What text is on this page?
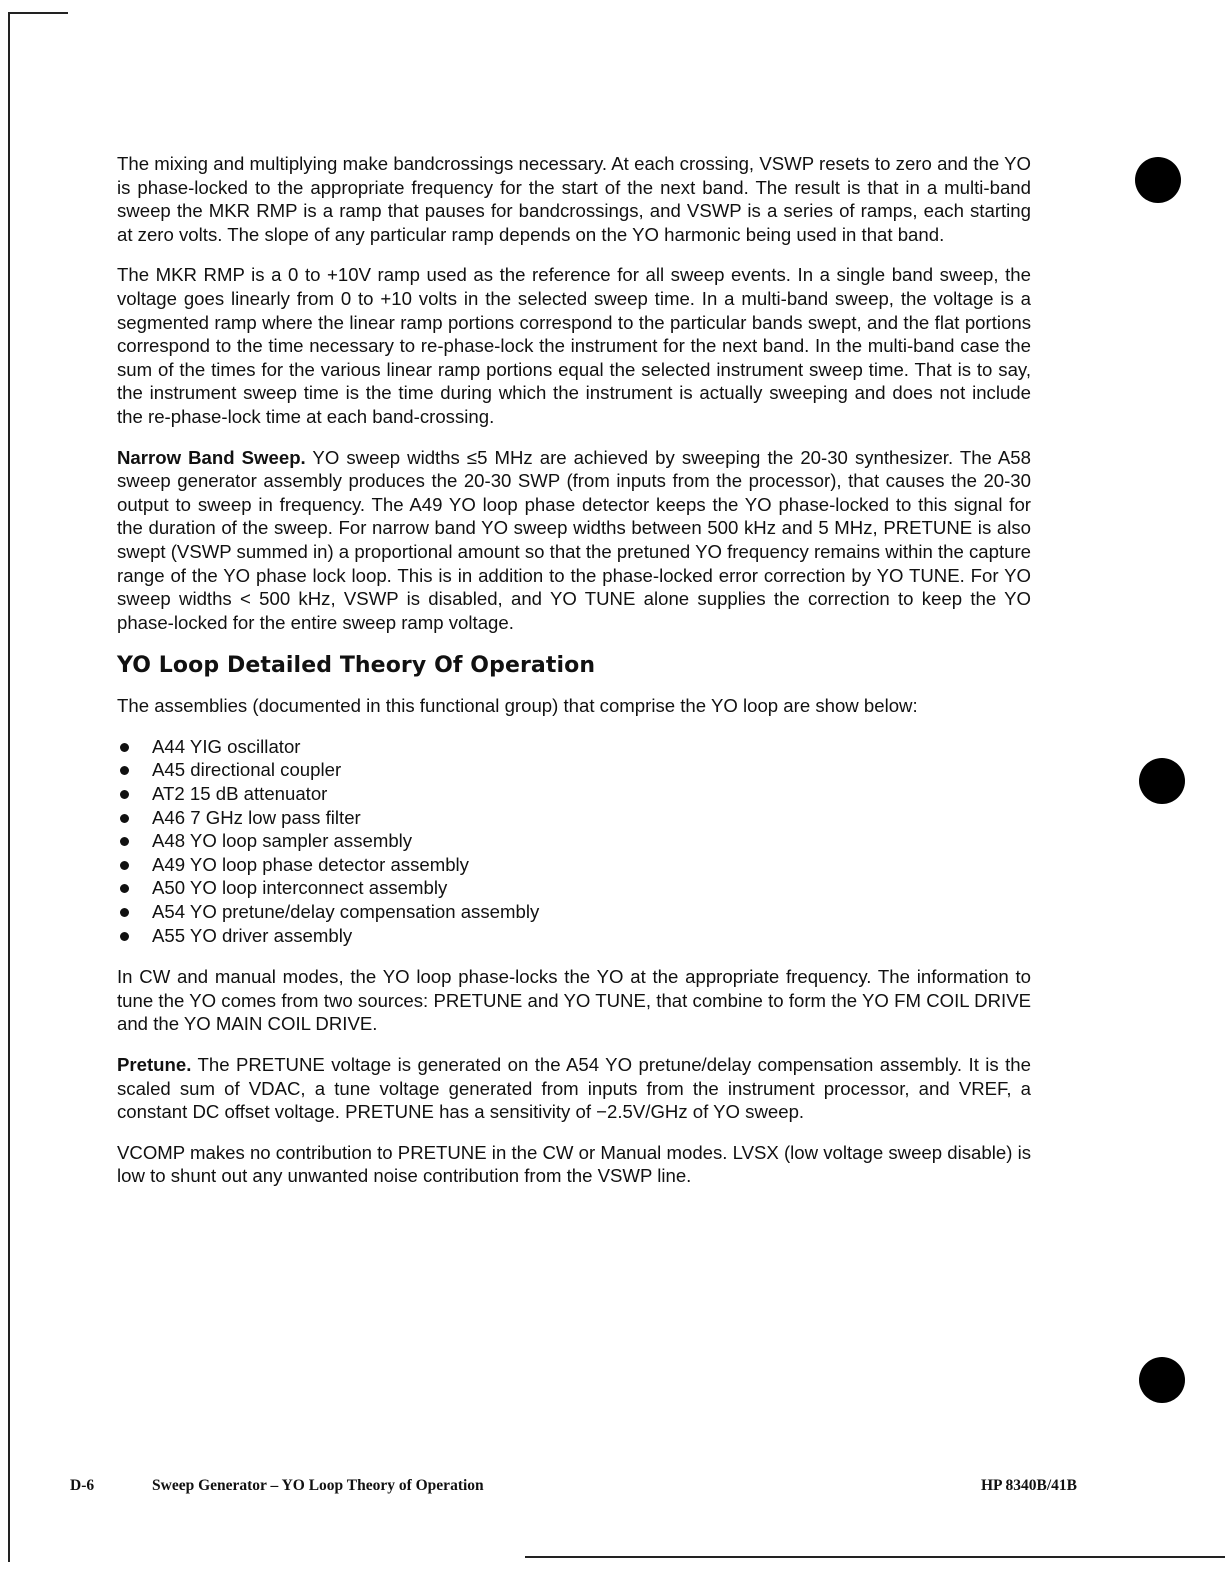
The mixing and multiplying make bandcrossings necessary. At each crossing, VSWP resets to zero and the YO is phase-locked to the appropriate frequency for the start of the next band. The result is that in a multi-band sweep the MKR RMP is a ramp that pauses for bandcrossings, and VSWP is a series of ramps, each starting at zero volts. The slope of any particular ramp depends on the YO harmonic being used in that band.

The MKR RMP is a 0 to +10V ramp used as the reference for all sweep events. In a single band sweep, the voltage goes linearly from 0 to +10 volts in the selected sweep time. In a multi-band sweep, the voltage is a segmented ramp where the linear ramp portions correspond to the particular bands swept, and the flat portions correspond to the time necessary to re-phase-lock the instrument for the next band. In the multi-band case the sum of the times for the various linear ramp portions equal the selected instrument sweep time. That is to say, the instrument sweep time is the time during which the instrument is actually sweeping and does not include the re-phase-lock time at each band-crossing.

Narrow Band Sweep. YO sweep widths ≤5 MHz are achieved by sweeping the 20-30 synthesizer. The A58 sweep generator assembly produces the 20-30 SWP (from inputs from the processor), that causes the 20-30 output to sweep in frequency. The A49 YO loop phase detector keeps the YO phase-locked to this signal for the duration of the sweep. For narrow band YO sweep widths between 500 kHz and 5 MHz, PRETUNE is also swept (VSWP summed in) a proportional amount so that the pretuned YO frequency remains within the capture range of the YO phase lock loop. This is in addition to the phase-locked error correction by YO TUNE. For YO sweep widths < 500 kHz, VSWP is disabled, and YO TUNE alone supplies the correction to keep the YO phase-locked for the entire sweep ramp voltage.

YO Loop Detailed Theory Of Operation

The assemblies (documented in this functional group) that comprise the YO loop are show below:

A44 YIG oscillator
A45 directional coupler
AT2 15 dB attenuator
A46 7 GHz low pass filter
A48 YO loop sampler assembly
A49 YO loop phase detector assembly
A50 YO loop interconnect assembly
A54 YO pretune/delay compensation assembly
A55 YO driver assembly

In CW and manual modes, the YO loop phase-locks the YO at the appropriate frequency. The information to tune the YO comes from two sources: PRETUNE and YO TUNE, that combine to form the YO FM COIL DRIVE and the YO MAIN COIL DRIVE.

Pretune. The PRETUNE voltage is generated on the A54 YO pretune/delay compensation assembly. It is the scaled sum of VDAC, a tune voltage generated from inputs from the instrument processor, and VREF, a constant DC offset voltage. PRETUNE has a sensitivity of −2.5V/GHz of YO sweep.

VCOMP makes no contribution to PRETUNE in the CW or Manual modes. LVSX (low voltage sweep disable) is low to shunt out any unwanted noise contribution from the VSWP line.

D-6	Sweep Generator – YO Loop Theory of Operation	HP 8340B/41B
